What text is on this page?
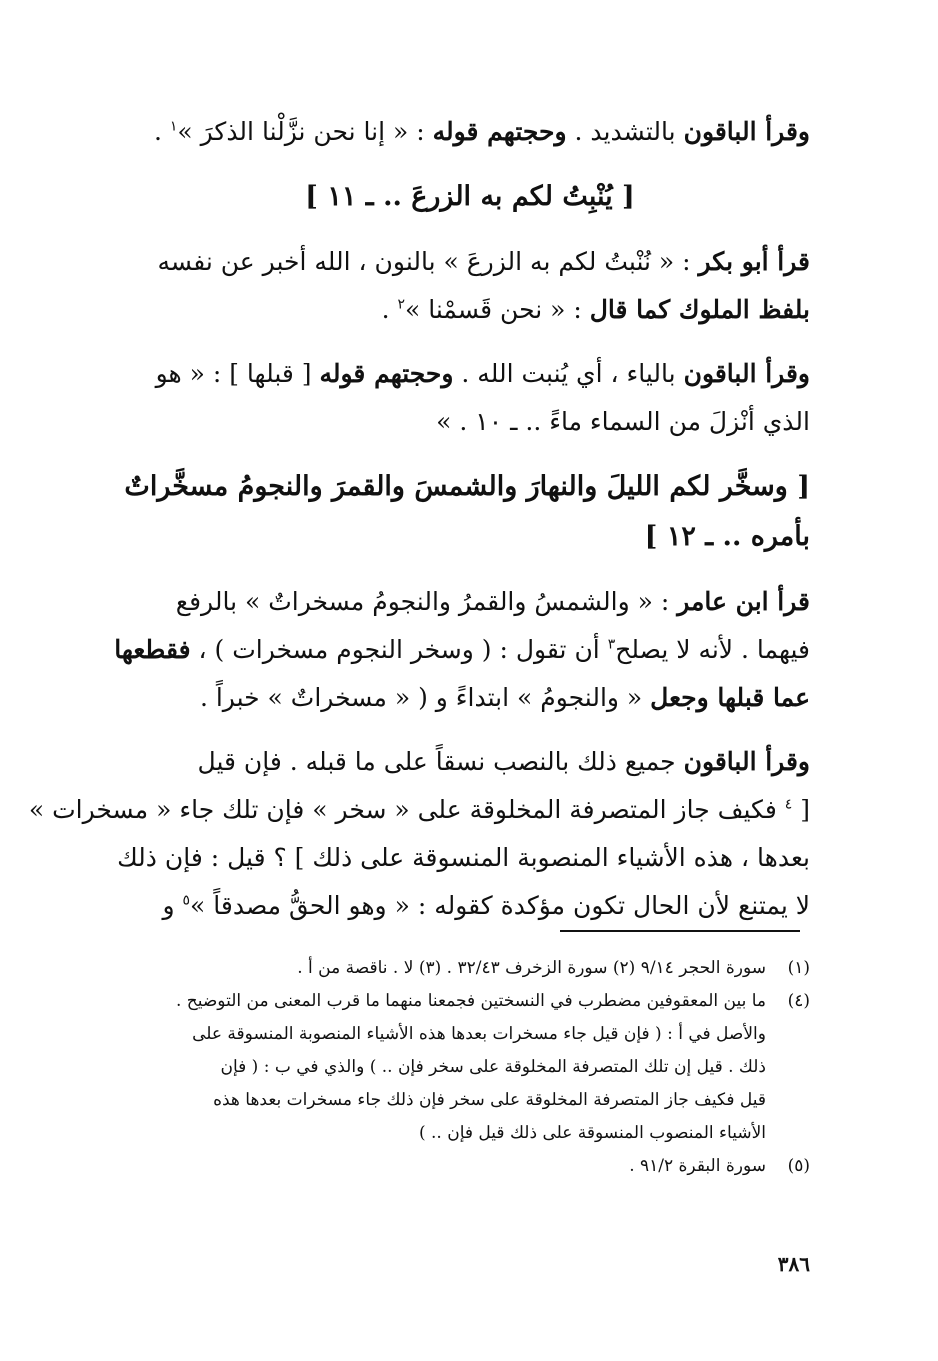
وقرأ الباقون بالتشديد . وحجتهم قوله : « إنا نحن نزَّلْنا الذكرَ »$^١$ .
[ يُنْبِتُ لكم به الزرعَ .. ـ ١١ ]
قرأ أبو بكر : « نُنْبتُ لكم به الزرعَ » بالنون ، الله أخبر عن نفسه
بلفظ الملوك كما قال : « نحن قَسمْنا »$^٢$ .
وقرأ الباقون بالياء ، أي يُنبت الله . وحجتهم قوله [ قبلها ] : « هو
الذي أنْزلَ من السماء ماءً .. ـ ١٠ . »
[ وسخَّر لكم الليلَ والنهارَ والشمسَ والقمرَ والنجومُ مسخَّراتٌ
بأمره .. ـ ١٢ ]
قرأ ابن عامر : « والشمسُ والقمرُ والنجومُ مسخراتٌ » بالرفع
فيهما . لأنه لا يصلح$^٣$ أن تقول : ( وسخر النجوم مسخرات ) ، فقطعها
عما قبلها وجعل « والنجومُ » ابتداءً و ( « مسخراتٌ » خبراً .
وقرأ الباقون جميع ذلك بالنصب نسقاً على ما قبله . فإن قيل
[ $^٤$ فكيف جاز المتصرفة المخلوقة على « سخر » فإن تلك جاء « مسخرات »
بعدها ، هذه الأشياء المنصوبة المنسوقة على ذلك ] ؟ قيل : فإن ذلك
لا يمتنع لأن الحال تكون مؤكدة كقوله : « وهو الحقُّ مصدقاً »$^٥$ و
(١)
سورة الحجر ٩/١٤ (٢) سورة الزخرف ٣٢/٤٣ . (٣) لا . ناقصة من أ .
(٤)
ما بين المعقوفين مضطرب في النسختين فجمعنا منهما ما قرب المعنى من التوضيح .
والأصل في أ : ( فإن قيل جاء مسخرات بعدها هذه الأشياء المنصوبة المنسوقة على
ذلك . قيل إن تلك المتصرفة المخلوقة على سخر فإن .. ) والذي في ب : ( فإن
قيل فكيف جاز المتصرفة المخلوقة على سخر فإن ذلك جاء مسخرات بعدها هذه
الأشياء المنصوب المنسوقة على ذلك قيل فإن .. )
(٥)
سورة البقرة ٩١/٢ .
٣٨٦
